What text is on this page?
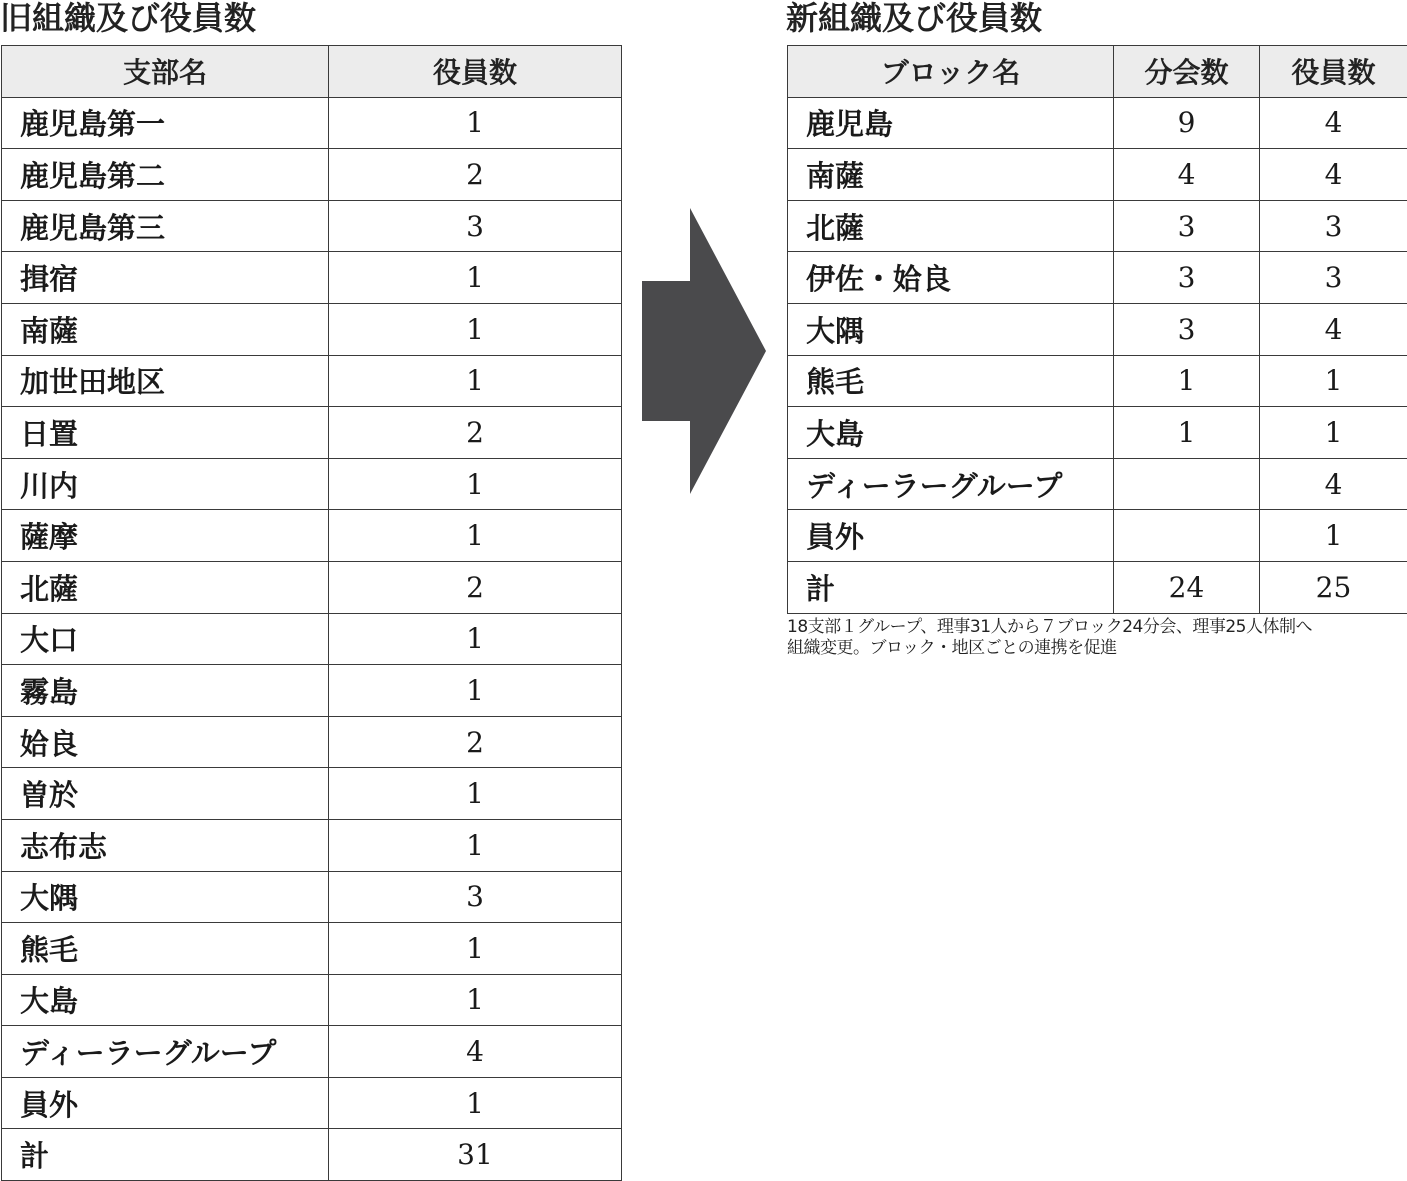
旧組織及び役員数	新組織及び役員数
支部名	役員数
鹿児島第一	1
鹿児島第二	2
鹿児島第三	3
揖宿	1
南薩	1
加世田地区	1
日置	2
川内	1
薩摩	1
北薩	2
大口	1
霧島	1
姶良	2
曽於	1
志布志	1
大隅	3
熊毛	1
大島	1
ディーラーグループ	4
員外	1
計	31
ブロック名	分会数	役員数
鹿児島	9	4
南薩	4	4
北薩	3	3
伊佐・姶良	3	3
大隅	3	4
熊毛	1	1
大島	1	1
ディーラーグループ		4
員外		1
計	24	25

18支部１グループ、理事31人から７ブロック24分会、理事25人体制へ
組織変更。ブロック・地区ごとの連携を促進
